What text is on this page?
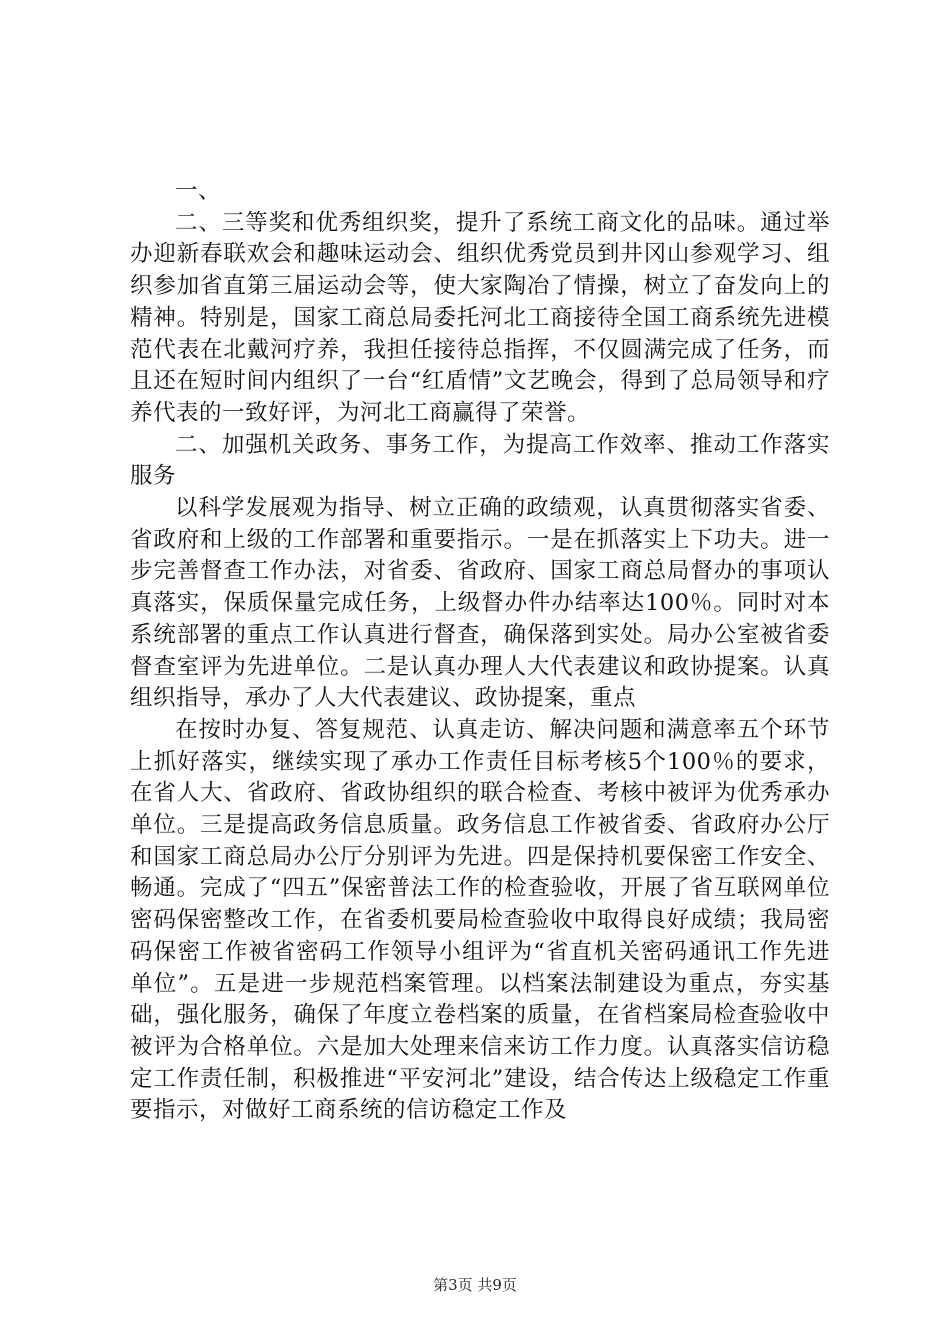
一、

二、三等奖和优秀组织奖，提升了系统工商文化的品味。通过举办迎新春联欢会和趣味运动会、组织优秀党员到井冈山参观学习、组织参加省直第三届运动会等，使大家陶冶了情操，树立了奋发向上的精神。特别是，国家工商总局委托河北工商接待全国工商系统先进模范代表在北戴河疗养，我担任接待总指挥，不仅圆满完成了任务，而且还在短时间内组织了一台“红盾情”文艺晚会，得到了总局领导和疗养代表的一致好评，为河北工商赢得了荣誉。

二、加强机关政务、事务工作，为提高工作效率、推动工作落实服务

以科学发展观为指导、树立正确的政绩观，认真贯彻落实省委、省政府和上级的工作部署和重要指示。一是在抓落实上下功夫。进一步完善督查工作办法，对省委、省政府、国家工商总局督办的事项认真落实，保质保量完成任务，上级督办件办结率达100％。同时对本系统部署的重点工作认真进行督查，确保落到实处。局办公室被省委督查室评为先进单位。二是认真办理人大代表建议和政协提案。认真组织指导，承办了人大代表建议、政协提案，重点

在按时办复、答复规范、认真走访、解决问题和满意率五个环节上抓好落实，继续实现了承办工作责任目标考核5个100％的要求，在省人大、省政府、省政协组织的联合检查、考核中被评为优秀承办单位。三是提高政务信息质量。政务信息工作被省委、省政府办公厅和国家工商总局办公厅分别评为先进。四是保持机要保密工作安全、畅通。完成了“四五”保密普法工作的检查验收，开展了省互联网单位密码保密整改工作，在省委机要局检查验收中取得良好成绩；我局密码保密工作被省密码工作领导小组评为“省直机关密码通讯工作先进单位”。五是进一步规范档案管理。以档案法制建设为重点，夯实基础，强化服务，确保了年度立卷档案的质量，在省档案局检查验收中被评为合格单位。六是加大处理来信来访工作力度。认真落实信访稳定工作责任制，积极推进“平安河北”建设，结合传达上级稳定工作重要指示，对做好工商系统的信访稳定工作及

第3页 共9页
